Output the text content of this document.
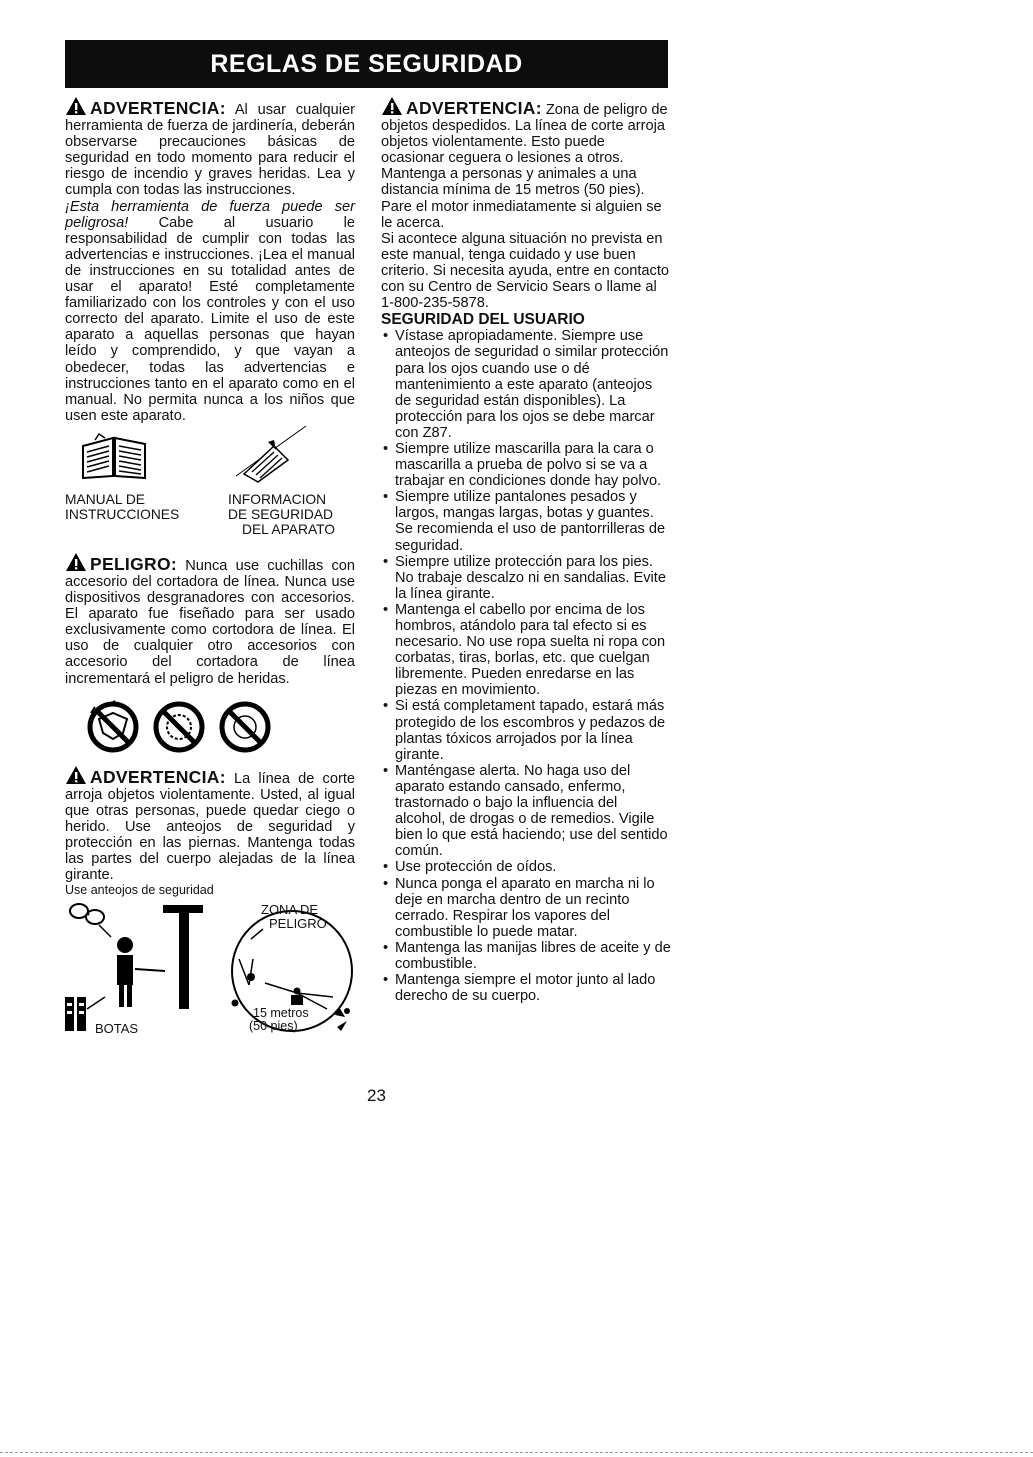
REGLAS DE SEGURIDAD

ADVERTENCIA: Al usar cualquier herramienta de fuerza de jardinería, deberán observarse precauciones básicas de seguridad en todo momento para reducir el riesgo de incendio y graves heridas. Lea y cumpla con todas las instrucciones.

¡Esta herramienta de fuerza puede ser peligrosa! Cabe al usuario le responsabilidad de cumplir con todas las advertencias e instrucciones. ¡Lea el manual de instrucciones en su totalidad antes de usar el aparato! Esté completamente familiarizado con los controles y con el uso correcto del aparato. Limite el uso de este aparato a aquellas personas que hayan leído y comprendido, y que vayan a obedecer, todas las advertencias e instrucciones tanto en el aparato como en el manual. No permita nunca a los niños que usen este aparato.

MANUAL DE
INSTRUCCIONES
INFORMACION
DE SEGURIDAD
DEL APARATO

PELIGRO: Nunca use cuchillas con accesorio del cortadora de línea. Nunca use dispositivos desgranadores con accesorios. El aparato fue fiseñado para ser usado exclusivamente como cortodora de línea. El uso de cualquier otro accesorios con accesorio del cortadora de línea incrementará el peligro de heridas.

ADVERTENCIA: La línea de corte arroja objetos violentamente. Usted, al igual que otras personas, puede quedar ciego o herido. Use anteojos de seguridad y protección en las piernas. Mantenga todas las partes del cuerpo alejadas de la línea girante.

Use anteojos de seguridad
ZONA DE
PELIGRO
15 metros
(50 pies)
BOTAS

ADVERTENCIA: Zona de peligro de objetos despedidos. La línea de corte arroja objetos violentamente. Esto puede ocasionar ceguera o lesiones a otros. Mantenga a personas y animales a una distancia mínima de 15 metros (50 pies). Pare el motor inmediatamente si alguien se le acerca.

Si acontece alguna situación no prevista en este manual, tenga cuidado y use buen criterio. Si necesita ayuda, entre en contacto con su Centro de Servicio Sears o llame al 1-800-235-5878.

SEGURIDAD DEL USUARIO
• Vístase apropiadamente. Siempre use anteojos de seguridad o similar protección para los ojos cuando use o dé mantenimiento a este aparato (anteojos de seguridad están disponibles). La protección para los ojos se debe marcar con Z87.
• Siempre utilize mascarilla para la cara o mascarilla a prueba de polvo si se va a trabajar en condiciones donde hay polvo.
• Siempre utilize pantalones pesados y largos, mangas largas, botas y guantes. Se recomienda el uso de pantorrilleras de seguridad.
• Siempre utilize protección para los pies. No trabaje descalzo ni en sandalias. Evite la línea girante.
• Mantenga el cabello por encima de los hombros, atándolo para tal efecto si es necesario. No use ropa suelta ni ropa con corbatas, tiras, borlas, etc. que cuelgan libremente. Pueden enredarse en las piezas en movimiento.
• Si está completament tapado, estará más protegido de los escombros y pedazos de plantas tóxicos arrojados por la línea girante.
• Manténgase alerta. No haga uso del aparato estando cansado, enfermo, trastornado o bajo la influencia del alcohol, de drogas o de remedios. Vigile bien lo que está haciendo; use del sentido común.
• Use protección de oídos.
• Nunca ponga el aparato en marcha ni lo deje en marcha dentro de un recinto cerrado. Respirar los vapores del combustible lo puede matar.
• Mantenga las manijas libres de aceite y de combustible.
• Mantenga siempre el motor junto al lado derecho de su cuerpo.
23
